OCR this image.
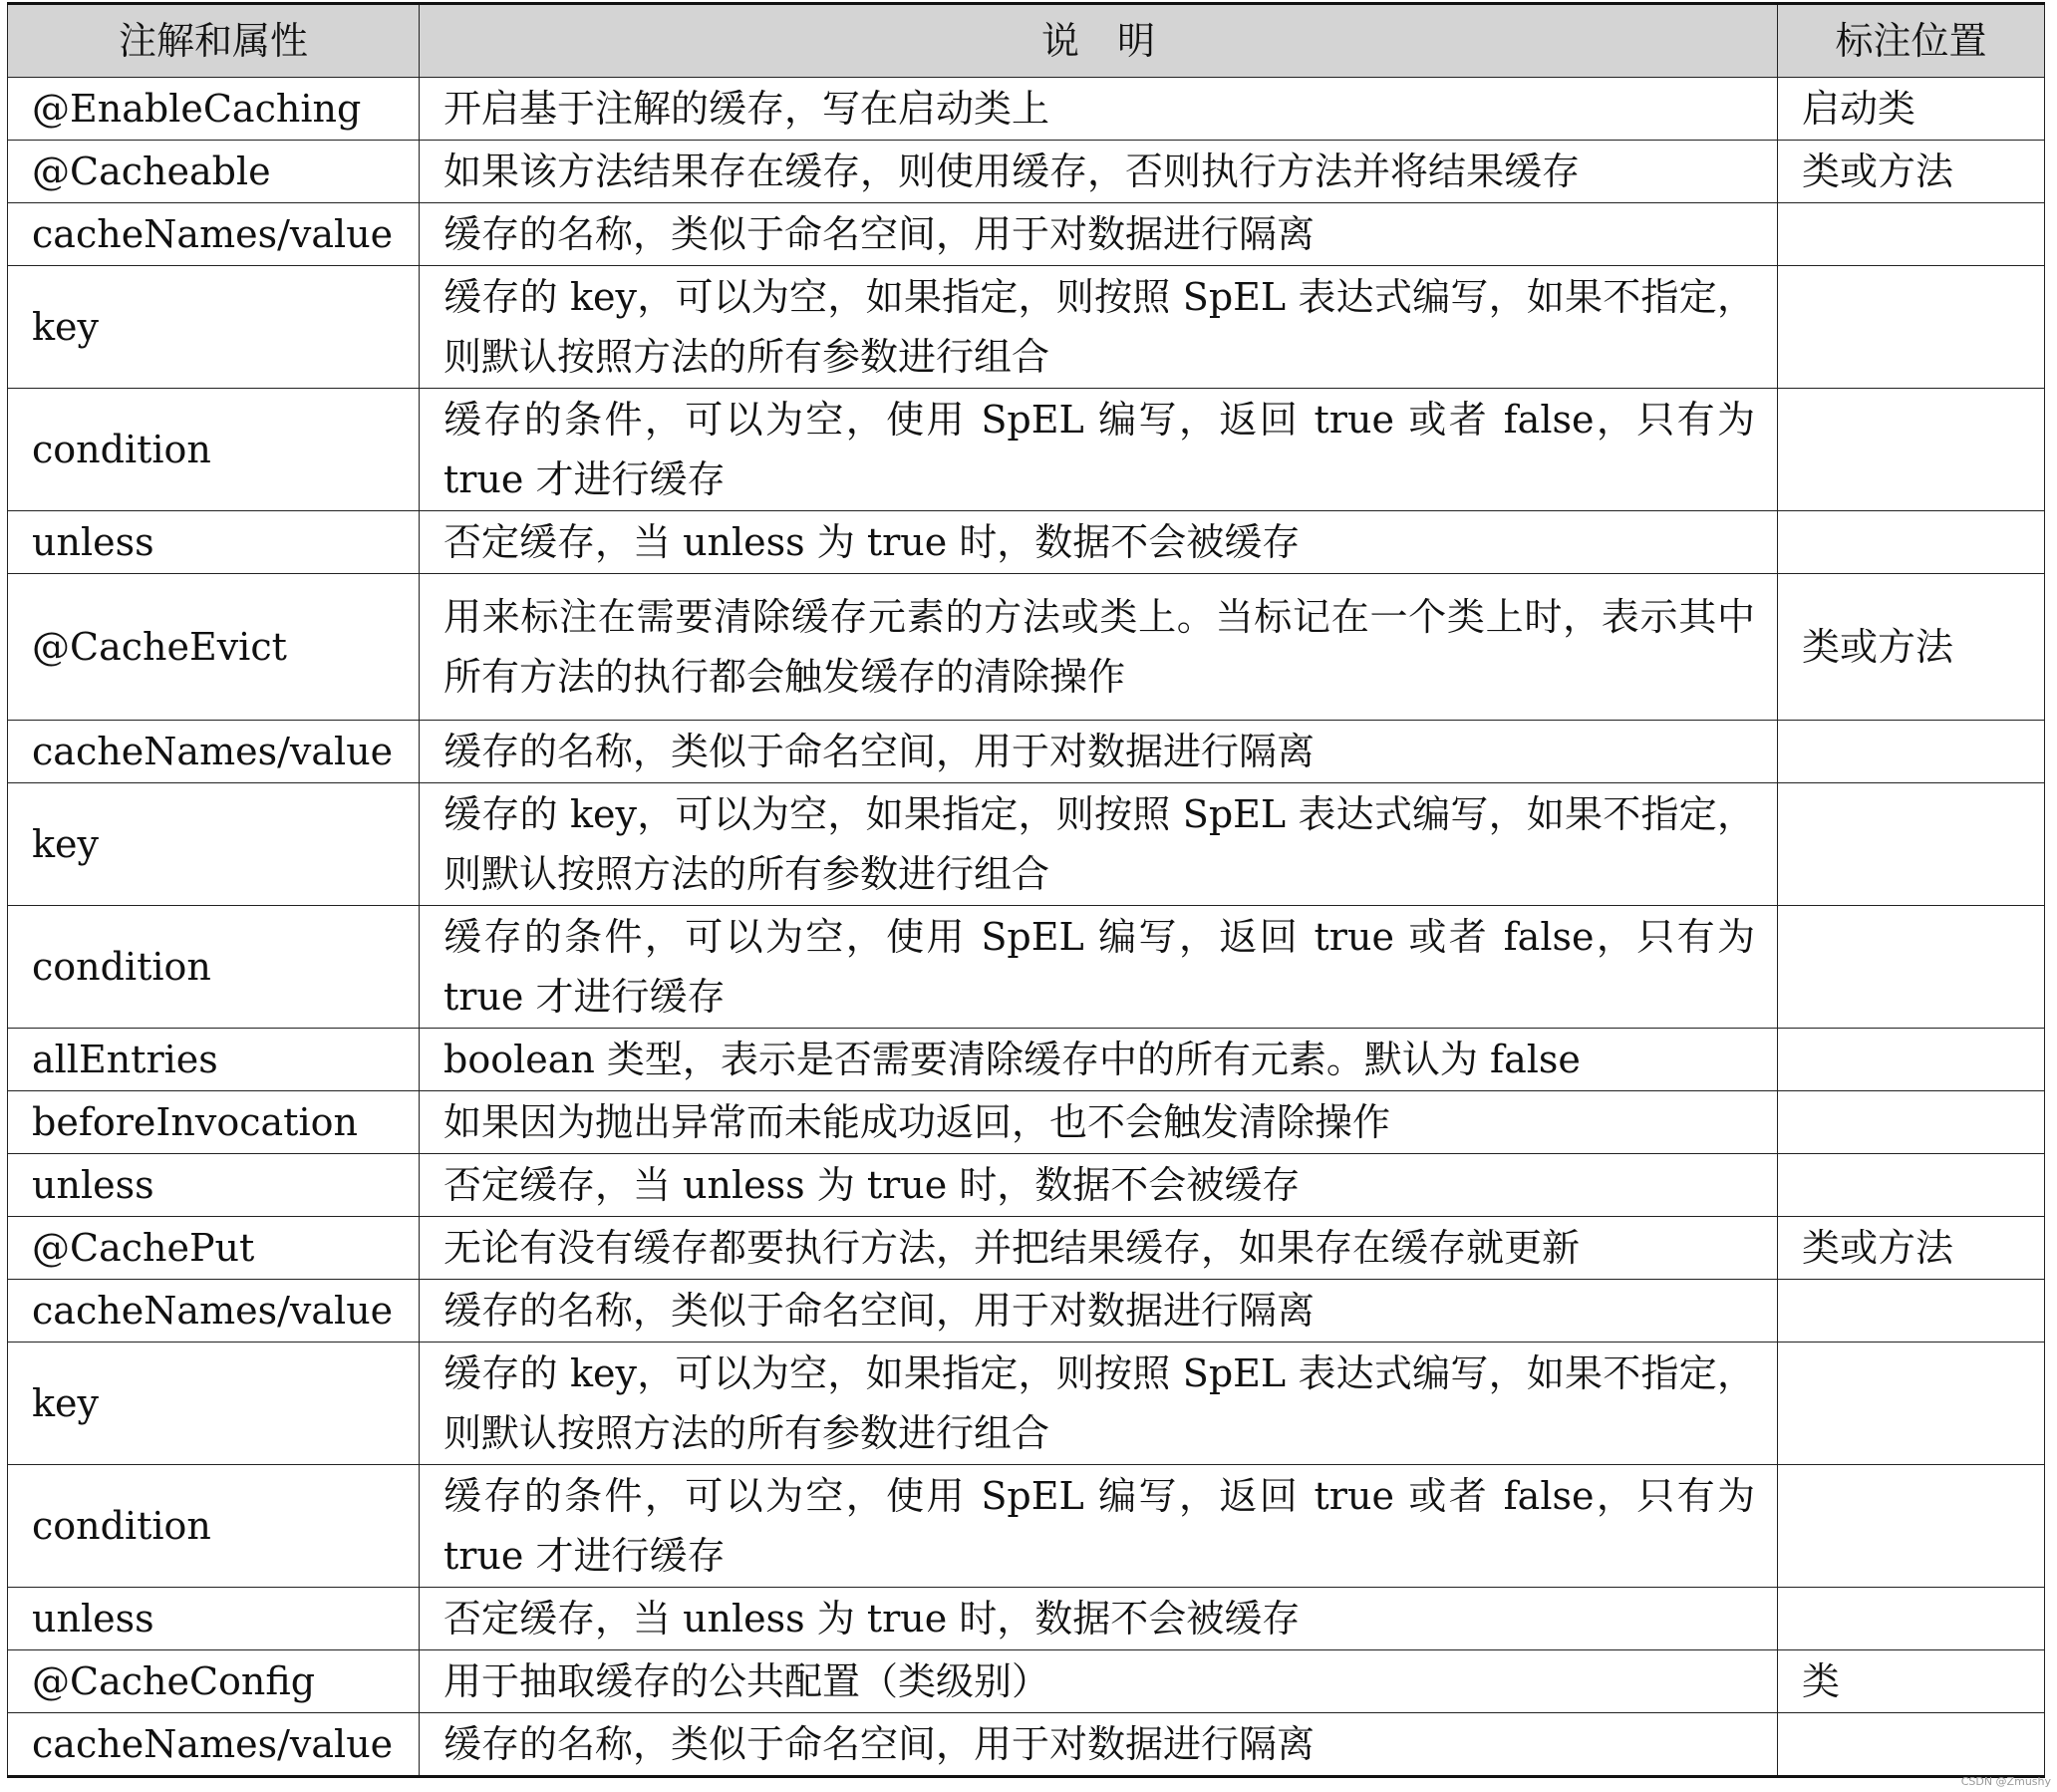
注解和属性	说　明	标注位置
@EnableCaching	开启基于注解的缓存，写在启动类上	启动类
@Cacheable	如果该方法结果存在缓存，则使用缓存，否则执行方法并将结果缓存	类或方法
cacheNames/value	缓存的名称，类似于命名空间，用于对数据进行隔离	
key	缓存的 key，可以为空，如果指定，则按照 SpEL 表达式编写，如果不指定，则默认按照方法的所有参数进行组合	
condition	缓存的条件，可以为空，使用 SpEL 编写，返回 true 或者 false，只有为 true 才进行缓存	
unless	否定缓存，当 unless 为 true 时，数据不会被缓存	
@CacheEvict	用来标注在需要清除缓存元素的方法或类上。当标记在一个类上时，表示其中所有方法的执行都会触发缓存的清除操作	类或方法
cacheNames/value	缓存的名称，类似于命名空间，用于对数据进行隔离	
key	缓存的 key，可以为空，如果指定，则按照 SpEL 表达式编写，如果不指定，则默认按照方法的所有参数进行组合	
condition	缓存的条件，可以为空，使用 SpEL 编写，返回 true 或者 false，只有为 true 才进行缓存	
allEntries	boolean 类型，表示是否需要清除缓存中的所有元素。默认为 false	
beforeInvocation	如果因为抛出异常而未能成功返回，也不会触发清除操作	
unless	否定缓存，当 unless 为 true 时，数据不会被缓存	
@CachePut	无论有没有缓存都要执行方法，并把结果缓存，如果存在缓存就更新	类或方法
cacheNames/value	缓存的名称，类似于命名空间，用于对数据进行隔离	
key	缓存的 key，可以为空，如果指定，则按照 SpEL 表达式编写，如果不指定，则默认按照方法的所有参数进行组合	
condition	缓存的条件，可以为空，使用 SpEL 编写，返回 true 或者 false，只有为 true 才进行缓存	
unless	否定缓存，当 unless 为 true 时，数据不会被缓存	
@CacheConfig	用于抽取缓存的公共配置（类级别）	类
cacheNames/value	缓存的名称，类似于命名空间，用于对数据进行隔离	
CSDN @Zmushy
